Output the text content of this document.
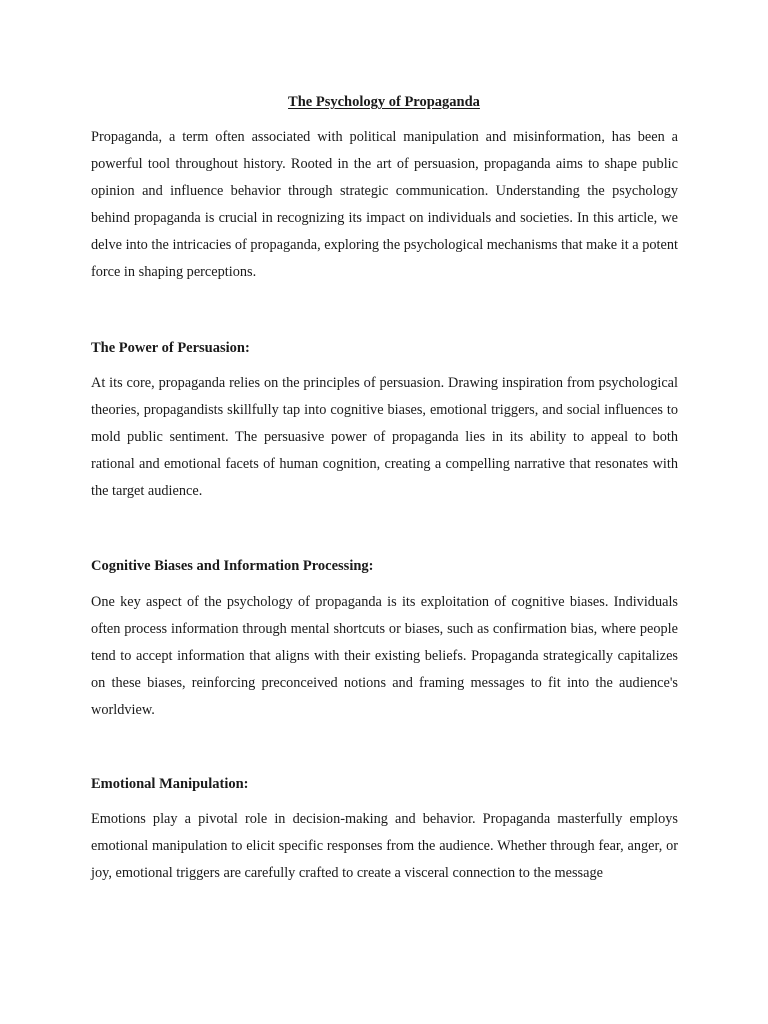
The Psychology of Propaganda

Propaganda, a term often associated with political manipulation and misinformation, has been a powerful tool throughout history. Rooted in the art of persuasion, propaganda aims to shape public opinion and influence behavior through strategic communication. Understanding the psychology behind propaganda is crucial in recognizing its impact on individuals and societies. In this article, we delve into the intricacies of propaganda, exploring the psychological mechanisms that make it a potent force in shaping perceptions.

The Power of Persuasion:

At its core, propaganda relies on the principles of persuasion. Drawing inspiration from psychological theories, propagandists skillfully tap into cognitive biases, emotional triggers, and social influences to mold public sentiment. The persuasive power of propaganda lies in its ability to appeal to both rational and emotional facets of human cognition, creating a compelling narrative that resonates with the target audience.

Cognitive Biases and Information Processing:

One key aspect of the psychology of propaganda is its exploitation of cognitive biases. Individuals often process information through mental shortcuts or biases, such as confirmation bias, where people tend to accept information that aligns with their existing beliefs. Propaganda strategically capitalizes on these biases, reinforcing preconceived notions and framing messages to fit into the audience's worldview.

Emotional Manipulation:

Emotions play a pivotal role in decision-making and behavior. Propaganda masterfully employs emotional manipulation to elicit specific responses from the audience. Whether through fear, anger, or joy, emotional triggers are carefully crafted to create a visceral connection to the message
